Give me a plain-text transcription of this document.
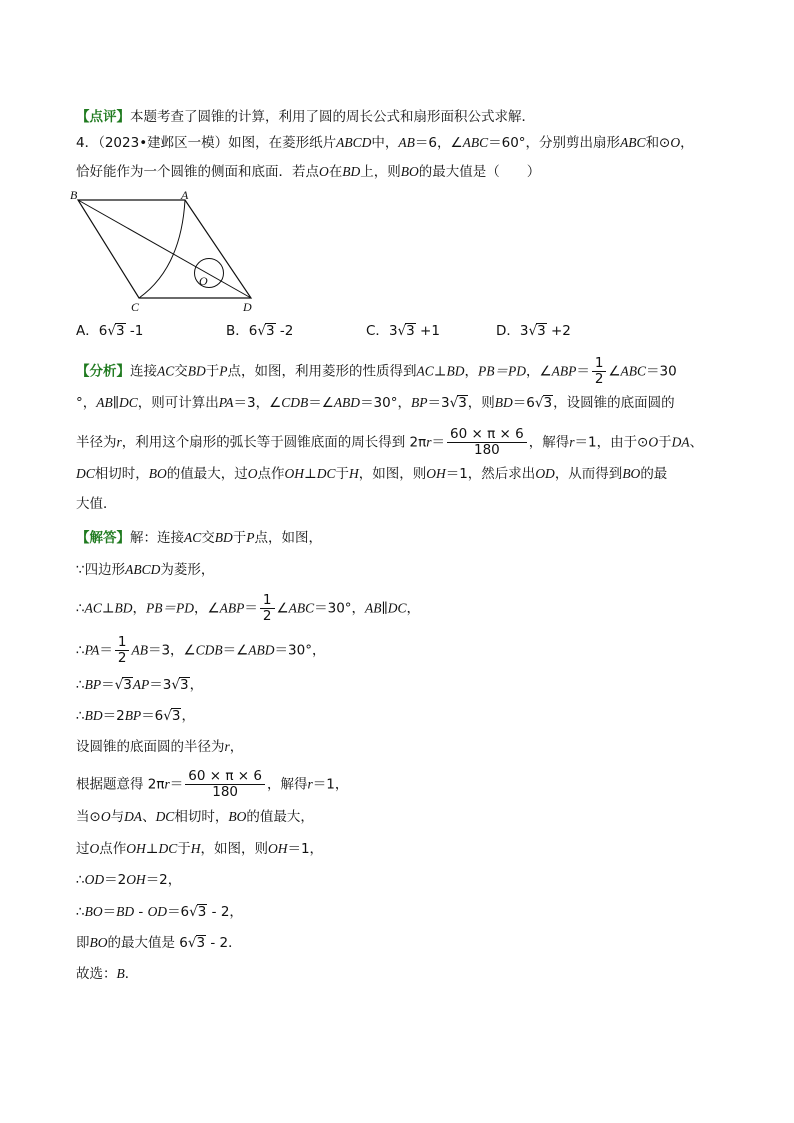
【点评】本题考查了圆锥的计算，利用了圆的周长公式和扇形面积公式求解．
4．（2023•建邺区一模）如图，在菱形纸片ABCD中，AB＝6，∠ABC＝60°，分别剪出扇形ABC和⊙O，
恰好能作为一个圆锥的侧面和底面．若点O在BD上，则BO的最大值是（　　）
B	A
C	D
O
A．6√3 -1	B．6√3 -2	C．3√3 +1	D．3√3 +2
【分析】连接AC交BD于P点，如图，利用菱形的性质得到AC⊥BD，PB＝PD，∠ABP＝ $\frac{1}{2}$ ∠ABC＝30
°，AB∥DC，则可计算出PA＝3，∠CDB＝∠ABD＝30°，BP＝3√3，则BD＝6√3，设圆锥的底面圆的
半径为r，利用这个扇形的弧长等于圆锥底面的周长得到 $2\pi r= \frac{60 \times \pi \times 6}{180}$ ，解得r＝1，由于⊙O于DA、
DC相切时，BO的值最大，过O点作OH⊥DC于H，如图，则OH＝1，然后求出OD，从而得到BO的最
大值．
【解答】解：连接AC交BD于P点，如图，
∵四边形ABCD为菱形，
∴AC⊥BD，PB＝PD，∠ABP＝ $\frac{1}{2}$ ∠ABC＝30°，AB∥DC，
∴PA＝ $\frac{1}{2} AB=3$，∠CDB＝∠ABD＝30°，
∴BP＝√3AP＝3√3，
∴BD＝2BP＝6√3，
设圆锥的底面圆的半径为r，
根据题意得 $2\pi r= \frac{60 \times \pi \times 6}{180}$ ，解得r＝1，
当⊙O与DA、DC相切时，BO的值最大，
过O点作OH⊥DC于H，如图，则OH＝1，
∴OD＝2OH＝2，
∴BO＝BD - OD＝6√3 - 2，
即BO的最大值是 6√3 - 2．
故选：B．
